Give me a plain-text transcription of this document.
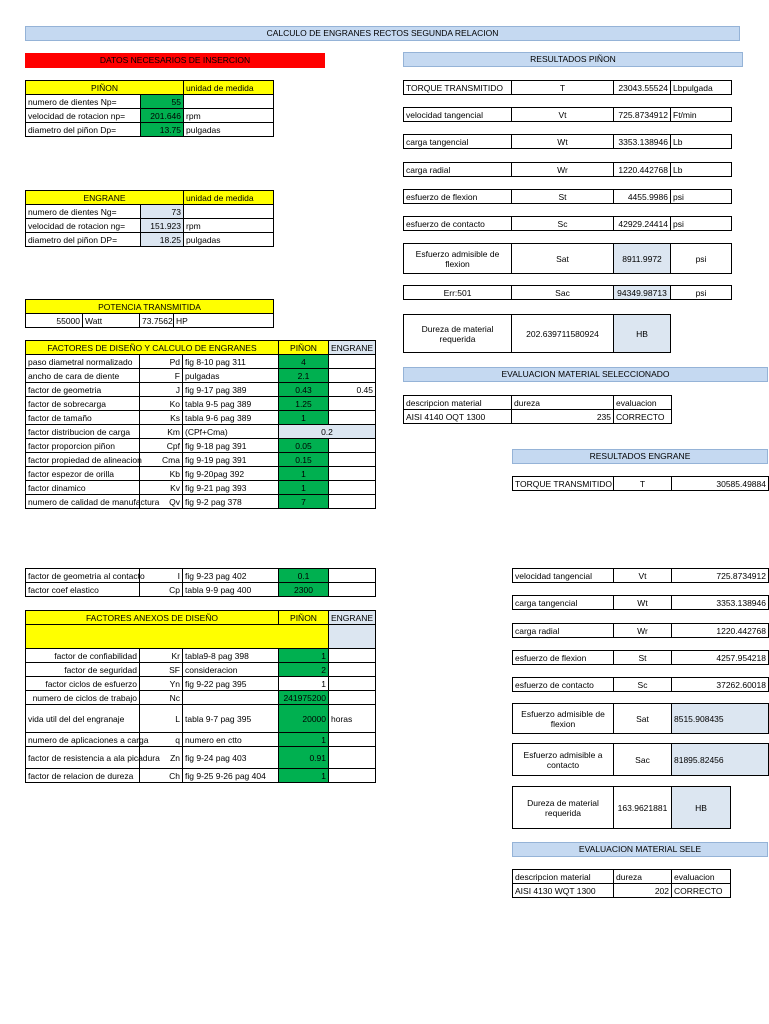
CALCULO DE ENGRANES RECTOS SEGUNDA RELACION
DATOS NECESARIOS DE INSERCION
PIÑON		unidad de medida
numero de dientes Np=	55	
velocidad de rotacion np=	201.646	rpm
diametro del piñon Dp=	13.75	pulgadas
ENGRANE		unidad de medida
numero de dientes Ng=	73	
velocidad de rotacion ng=	151.923	rpm
diametro del piñon DP=	18.25	pulgadas
POTENCIA TRANSMITIDA
55000	Watt	73.7562	HP
FACTORES DE DISEÑO Y CALCULO DE ENGRANES			PIÑON	ENGRANE
paso diametral normalizado	Pd	fig 8-10 pag 311	4	
ancho de cara de diente	F	pulgadas	2.1	
factor de geometria	J	fig 9-17 pag 389	0.43	0.45
factor de sobrecarga	Ko	tabla 9-5 pag 389	1.25	
factor de tamaño	Ks	tabla 9-6 pag 389	1	
factor distribucion de carga	Km	(CPf+Cma)	0.2	
factor proporcion piñon	Cpf	fig 9-18 pag 391	0.05	
factor propiedad de alineacion	Cma	fig 9-19 pag 391	0.15	
factor espezor de orilla	Kb	fig 9-20pag 392	1	
factor dinamico	Kv	fig 9-21 pag 393	1	
numero de calidad de manufactura	Qv	fig 9-2 pag 378	7	
factor de geometria al contacto	I	fig 9-23 pag 402	0.1	
factor coef elastico	Cp	tabla 9-9 pag 400	2300	
FACTORES ANEXOS DE DISEÑO			PIÑON	ENGRANE

factor de confiabilidad	Kr	tabla9-8 pag 398	1	
factor de seguridad	SF	consideracion	2	
factor ciclos de esfuerzo	Yn	fig 9-22 pag 395	1	
numero de ciclos de trabajo	Nc		241975200	
vida util del del engranaje	L	tabla 9-7 pag 395	20000	horas
numero de aplicaciones a carga	q	numero en ctto	1	
factor de resistencia a ala picadura	Zn	fig 9-24 pag 403	0.91	
factor de relacion de dureza	Ch	fig 9-25 9-26 pag 404	1	
RESULTADOS PIÑON
TORQUE TRANSMITIDO	T	23043.55524	Lbpulgada
velocidad tangencial	Vt	725.8734912	Ft/min
carga tangencial	Wt	3353.138946	Lb
carga radial	Wr	1220.442768	Lb
esfuerzo de flexion	St	4455.9986	psi
esfuerzo de contacto	Sc	42929.24414	psi
Esfuerzo admisible de flexion	Sat	8911.9972	psi
Err:501	Sac	94349.98713	psi
Dureza de material requerida	202.639711580924	HB
EVALUACION MATERIAL SELECCIONADO
descripcion material	dureza	evaluacion
AISI 4140 OQT 1300	235	CORRECTO
RESULTADOS ENGRANE
TORQUE TRANSMITIDO	T	30585.49884
velocidad tangencial	Vt	725.8734912
carga tangencial	Wt	3353.138946
carga radial	Wr	1220.442768
esfuerzo de flexion	St	4257.954218
esfuerzo de contacto	Sc	37262.60018
Esfuerzo admisible de flexion	Sat	8515.908435
Esfuerzo admisible a contacto	Sac	81895.82456
Dureza de material requerida	163.9621881	HB
EVALUACION MATERIAL SELE
descripcion material	dureza	evaluacion
AISI 4130 WQT 1300	202	CORRECTO
